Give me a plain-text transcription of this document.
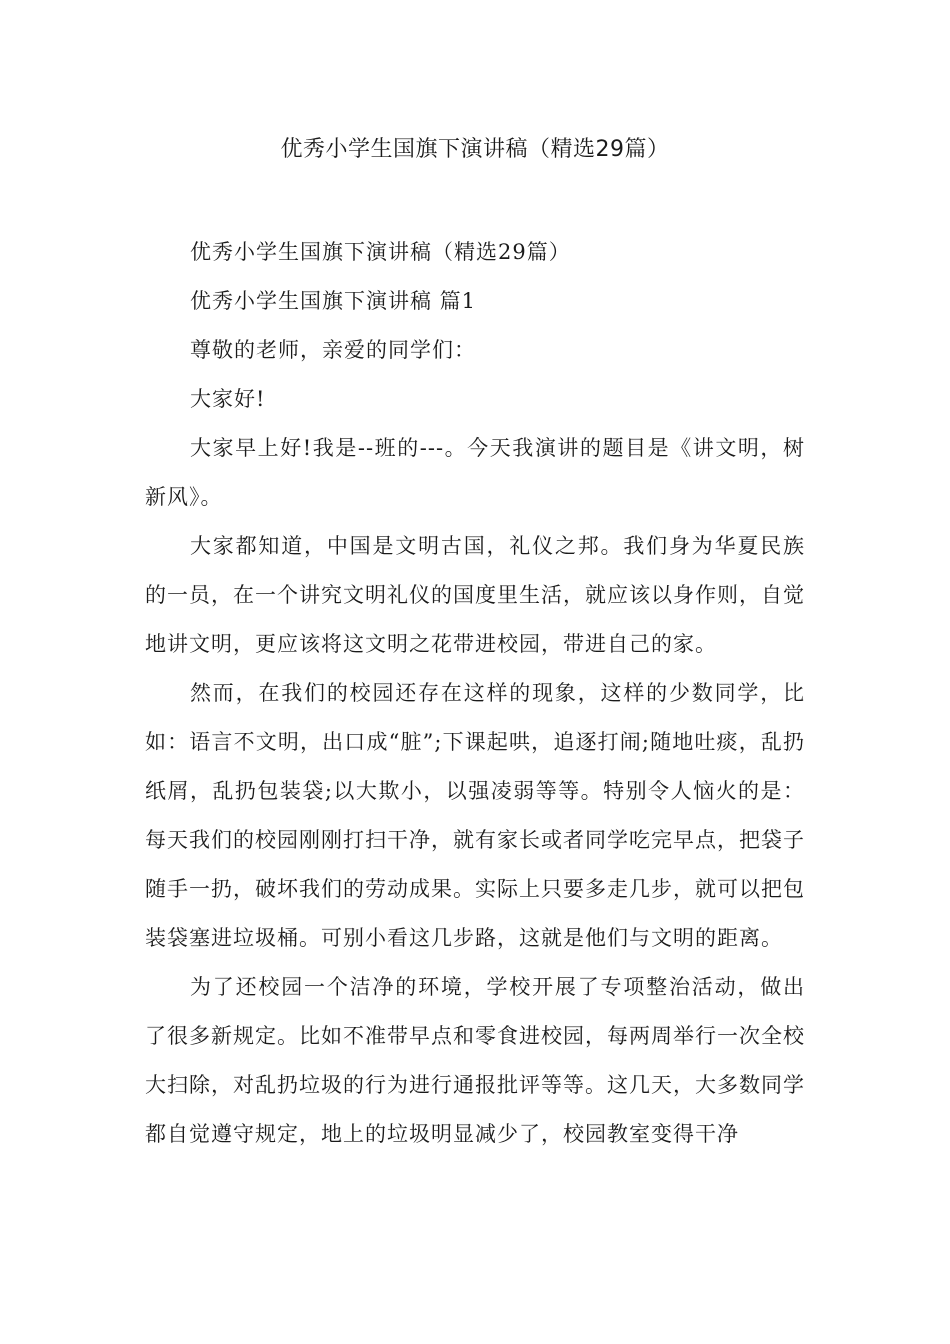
优秀小学生国旗下演讲稿（精选29篇）

优秀小学生国旗下演讲稿（精选29篇）

优秀小学生国旗下演讲稿 篇1

尊敬的老师，亲爱的同学们：

大家好!

大家早上好!我是--班的---。今天我演讲的题目是《讲文明，树新风》。

大家都知道，中国是文明古国，礼仪之邦。我们身为华夏民族的一员，在一个讲究文明礼仪的国度里生活，就应该以身作则，自觉地讲文明，更应该将这文明之花带进校园，带进自己的家。

然而，在我们的校园还存在这样的现象，这样的少数同学，比如：语言不文明，出口成“脏”;下课起哄，追逐打闹;随地吐痰，乱扔纸屑，乱扔包装袋;以大欺小，以强凌弱等等。特别令人恼火的是：每天我们的校园刚刚打扫干净，就有家长或者同学吃完早点，把袋子随手一扔，破坏我们的劳动成果。实际上只要多走几步，就可以把包装袋塞进垃圾桶。可别小看这几步路，这就是他们与文明的距离。

为了还校园一个洁净的环境，学校开展了专项整治活动，做出了很多新规定。比如不准带早点和零食进校园，每两周举行一次全校大扫除，对乱扔垃圾的行为进行通报批评等等。这几天，大多数同学都自觉遵守规定，地上的垃圾明显减少了，校园教室变得干净
